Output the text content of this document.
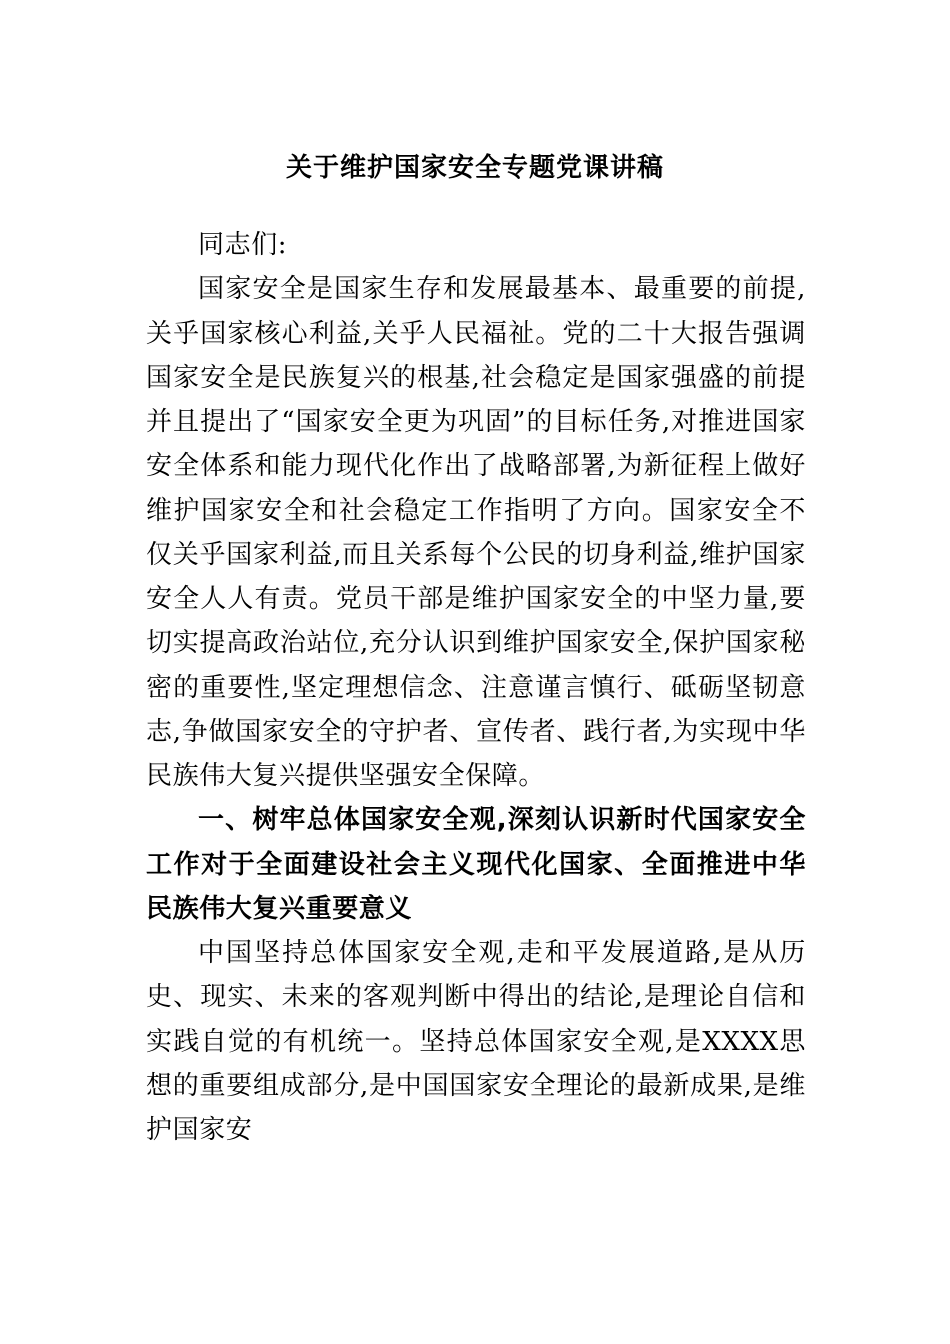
关于维护国家安全专题党课讲稿

同志们:

国家安全是国家生存和发展最基本、最重要的前提,关乎国家核心利益,关乎人民福祉。党的二十大报告强调国家安全是民族复兴的根基,社会稳定是国家强盛的前提并且提出了“国家安全更为巩固”的目标任务,对推进国家安全体系和能力现代化作出了战略部署,为新征程上做好维护国家安全和社会稳定工作指明了方向。国家安全不仅关乎国家利益,而且关系每个公民的切身利益,维护国家安全人人有责。党员干部是维护国家安全的中坚力量,要切实提高政治站位,充分认识到维护国家安全,保护国家秘密的重要性,坚定理想信念、注意谨言慎行、砥砺坚韧意志,争做国家安全的守护者、宣传者、践行者,为实现中华民族伟大复兴提供坚强安全保障。

一、树牢总体国家安全观,深刻认识新时代国家安全工作对于全面建设社会主义现代化国家、全面推进中华民族伟大复兴重要意义

中国坚持总体国家安全观,走和平发展道路,是从历史、现实、未来的客观判断中得出的结论,是理论自信和实践自觉的有机统一。坚持总体国家安全观,是XXXX思想的重要组成部分,是中国国家安全理论的最新成果,是维护国家安
